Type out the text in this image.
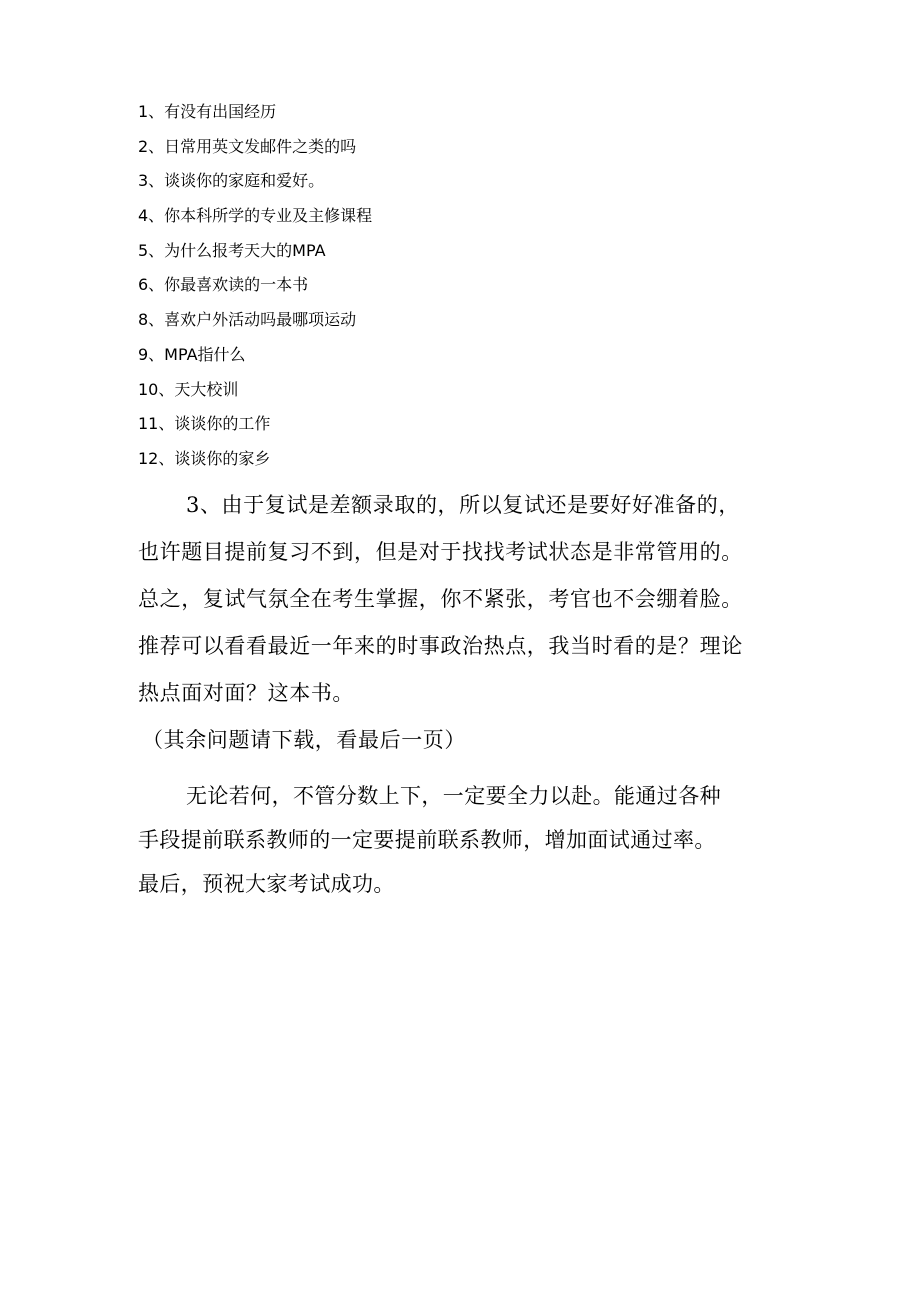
1、有没有出国经历
2、日常用英文发邮件之类的吗
3、谈谈你的家庭和爱好。
4、你本科所学的专业及主修课程
5、为什么报考天大的MPA
6、你最喜欢读的一本书
8、喜欢户外活动吗最哪项运动
9、MPA指什么
10、天大校训
11、谈谈你的工作
12、谈谈你的家乡

3、由于复试是差额录取的，所以复试还是要好好准备的，

也许题目提前复习不到，但是对于找找考试状态是非常管用的。

总之，复试气氛全在考生掌握，你不紧张，考官也不会绷着脸。

推荐可以看看最近一年来的时事政治热点，我当时看的是？理论

热点面对面？这本书。

（其余问题请下载，看最后一页）

无论若何，不管分数上下，一定要全力以赴。能通过各种

手段提前联系教师的一定要提前联系教师，增加面试通过率。

最后，预祝大家考试成功。
